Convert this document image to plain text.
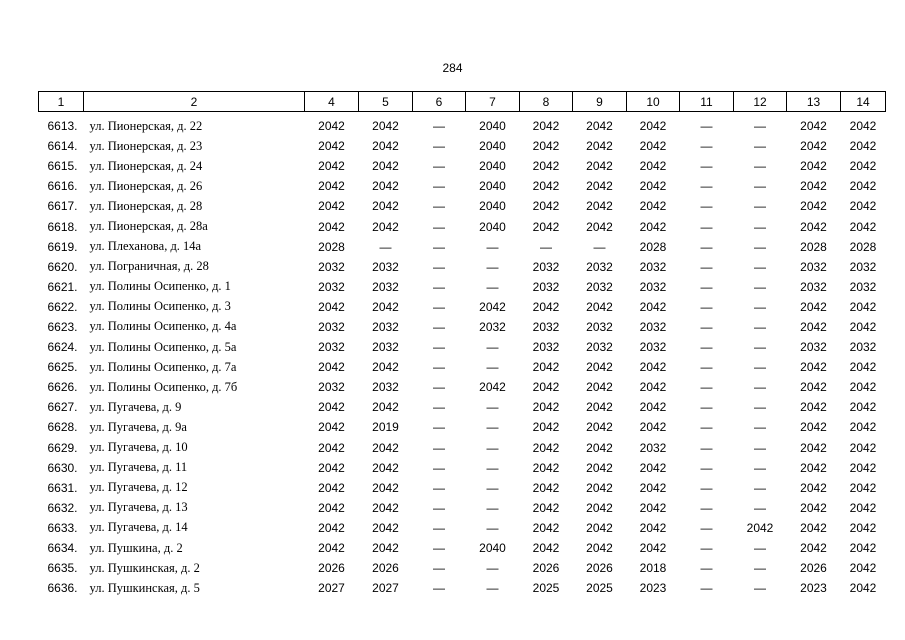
284
1	2	4	5	6	7	8	9	10	11	12	13	14
6613.	ул. Пионерская, д. 22	2042	2042	—	2040	2042	2042	2042	—	—	2042	2042
6614.	ул. Пионерская, д. 23	2042	2042	—	2040	2042	2042	2042	—	—	2042	2042
6615.	ул. Пионерская, д. 24	2042	2042	—	2040	2042	2042	2042	—	—	2042	2042
6616.	ул. Пионерская, д. 26	2042	2042	—	2040	2042	2042	2042	—	—	2042	2042
6617.	ул. Пионерская, д. 28	2042	2042	—	2040	2042	2042	2042	—	—	2042	2042
6618.	ул. Пионерская, д. 28а	2042	2042	—	2040	2042	2042	2042	—	—	2042	2042
6619.	ул. Плеханова, д. 14а	2028	—	—	—	—	—	2028	—	—	2028	2028
6620.	ул. Пограничная, д. 28	2032	2032	—	—	2032	2032	2032	—	—	2032	2032
6621.	ул. Полины Осипенко, д. 1	2032	2032	—	—	2032	2032	2032	—	—	2032	2032
6622.	ул. Полины Осипенко, д. 3	2042	2042	—	2042	2042	2042	2042	—	—	2042	2042
6623.	ул. Полины Осипенко, д. 4а	2032	2032	—	2032	2032	2032	2032	—	—	2042	2042
6624.	ул. Полины Осипенко, д. 5а	2032	2032	—	—	2032	2032	2032	—	—	2032	2032
6625.	ул. Полины Осипенко, д. 7а	2042	2042	—	—	2042	2042	2042	—	—	2042	2042
6626.	ул. Полины Осипенко, д. 7б	2032	2032	—	2042	2042	2042	2042	—	—	2042	2042
6627.	ул. Пугачева, д. 9	2042	2042	—	—	2042	2042	2042	—	—	2042	2042
6628.	ул. Пугачева, д. 9а	2042	2019	—	—	2042	2042	2042	—	—	2042	2042
6629.	ул. Пугачева, д. 10	2042	2042	—	—	2042	2042	2032	—	—	2042	2042
6630.	ул. Пугачева, д. 11	2042	2042	—	—	2042	2042	2042	—	—	2042	2042
6631.	ул. Пугачева, д. 12	2042	2042	—	—	2042	2042	2042	—	—	2042	2042
6632.	ул. Пугачева, д. 13	2042	2042	—	—	2042	2042	2042	—	—	2042	2042
6633.	ул. Пугачева, д. 14	2042	2042	—	—	2042	2042	2042	—	2042	2042	2042
6634.	ул. Пушкина, д. 2	2042	2042	—	2040	2042	2042	2042	—	—	2042	2042
6635.	ул. Пушкинская, д. 2	2026	2026	—	—	2026	2026	2018	—	—	2026	2042
6636.	ул. Пушкинская, д. 5	2027	2027	—	—	2025	2025	2023	—	—	2023	2042
